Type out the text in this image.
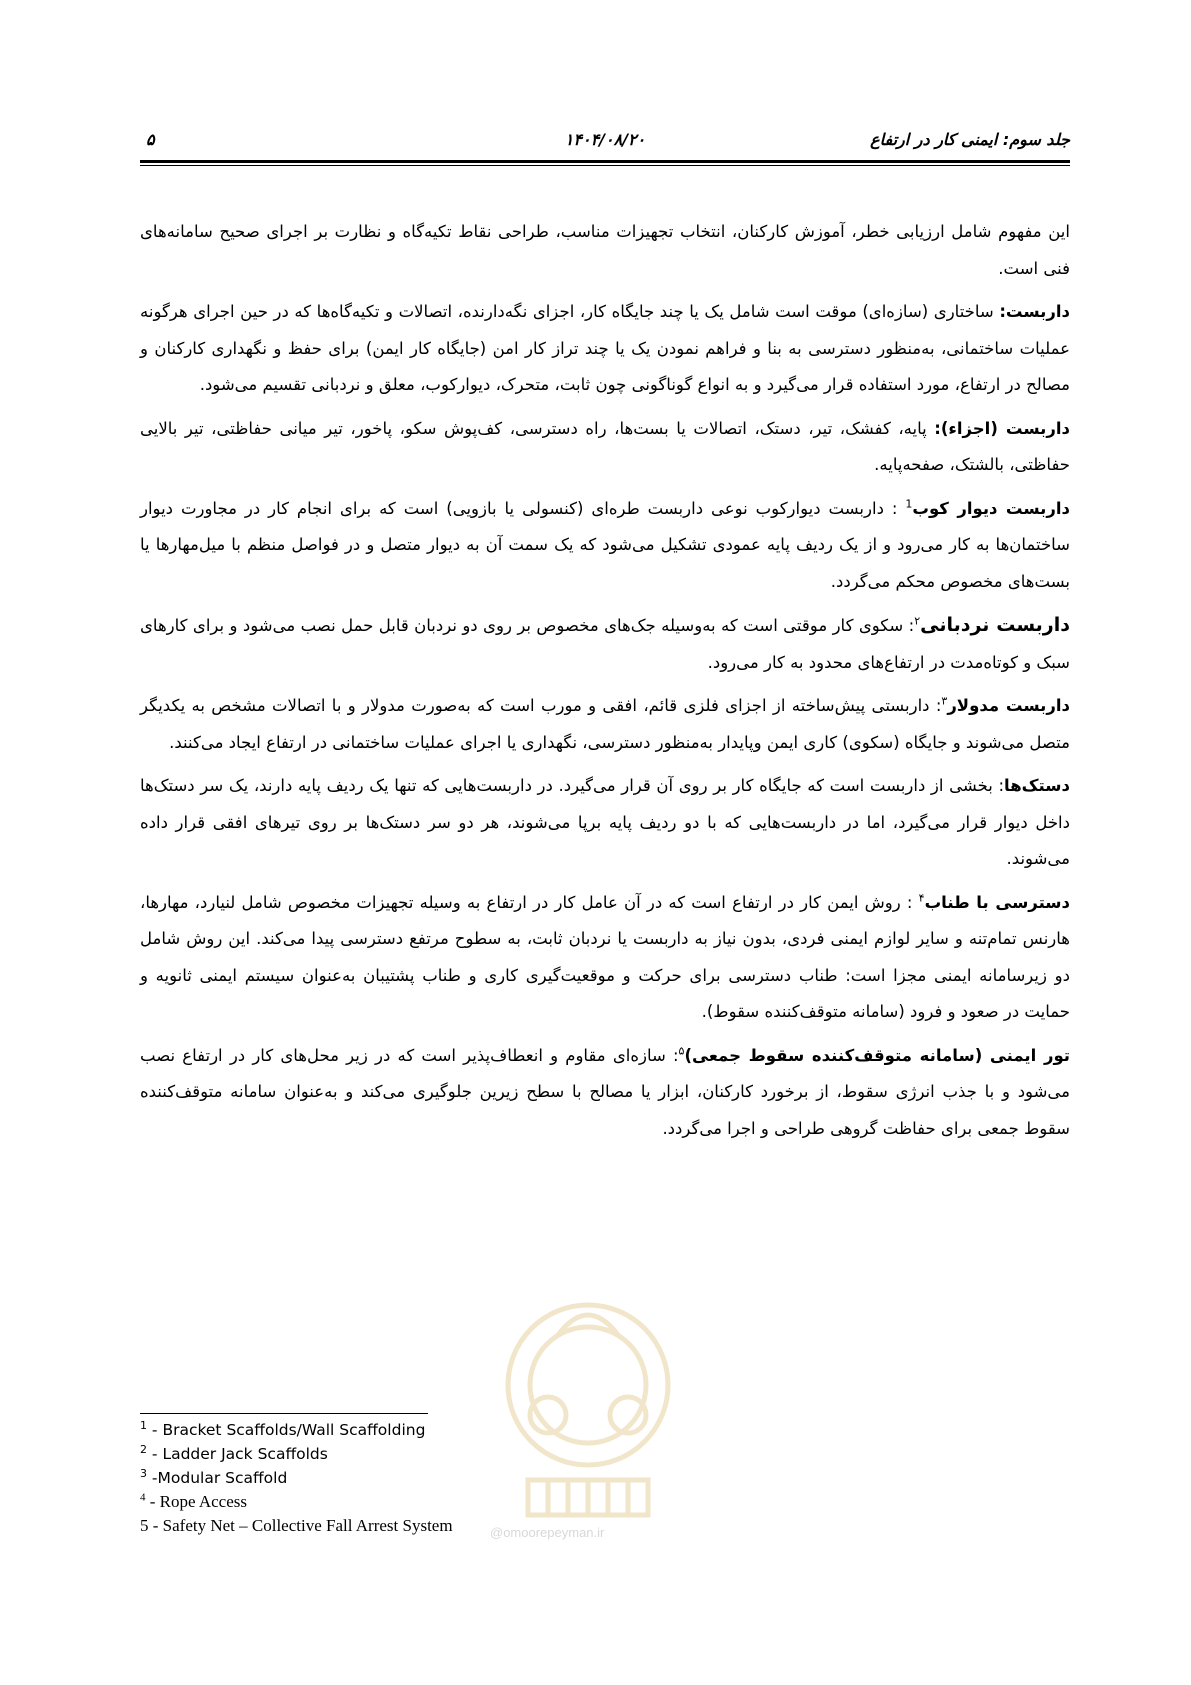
جلد سوم: ایمنی کار در ارتفاع
۱۴۰۴/۰۸/۲۰
۵

این مفهوم شامل ارزیابی خطر، آموزش کارکنان، انتخاب تجهیزات مناسب، طراحی نقاط تکیه‌گاه و نظارت بر اجرای صحیح سامانه‌های فنی است.

داربست: ساختاری (سازه‌ای) موقت است شامل یک یا چند جایگاه کار، اجزای نگه‌دارنده، اتصالات و تکیه‌گاه‌ها که در حین اجرای هرگونه عملیات ساختمانی، به‌منظور دسترسی به بنا و فراهم نمودن یک یا چند تراز کار امن (جایگاه کار ایمن) برای حفظ و نگهداری کارکنان و مصالح در ارتفاع، مورد استفاده قرار می‌گیرد و به انواع گوناگونی چون ثابت، متحرک، دیوارکوب، معلق و نردبانی تقسیم می‌شود.

داربست (اجزاء): پایه، کفشک، تیر، دستک، اتصالات یا بست‌ها، راه دسترسی، کف‌پوش سکو، پاخور، تیر میانی حفاظتی، تیر بالایی حفاظتی، بالشتک، صفحه‌پایه.

داربست دیوار کوب$^1$ : داربست دیوارکوب نوعی داربست طره‌ای (کنسولی یا بازویی) است که برای انجام کار در مجاورت دیوار ساختمان‌ها به کار می‌رود و از یک ردیف پایه عمودی تشکیل می‌شود که یک سمت آن به دیوار متصل و در فواصل منظم با میل‌مهارها یا بست‌های مخصوص محکم می‌گردد.

داربست نردبانی$^۲$: سکوی کار موقتی است که به‌وسیله جک‌های مخصوص بر روی دو نردبان قابل حمل نصب می‌شود و برای کارهای سبک و کوتاه‌مدت در ارتفاع‌های محدود به کار می‌رود.

داربست مدولار$^۳$: داربستی پیش‌ساخته از اجزای فلزی قائم، افقی و مورب است که به‌صورت مدولار و با اتصالات مشخص به یکدیگر متصل می‌شوند و جایگاه (سکوی) کاری ایمن وپایدار به‌منظور دسترسی، نگهداری یا اجرای عملیات ساختمانی در ارتفاع ایجاد می‌کنند.

دستک‌ها: بخشی از داربست است که جایگاه کار بر روی آن قرار می‌گیرد. در داربست‌هایی که تنها یک ردیف پایه دارند، یک سر دستک‌ها داخل دیوار قرار می‌گیرد، اما در داربست‌هایی که با دو ردیف پایه برپا می‌شوند، هر دو سر دستک‌ها بر روی تیرهای افقی قرار داده می‌شوند.

دسترسی با طناب$^۴$ : روش ایمن کار در ارتفاع است که در آن عامل کار در ارتفاع به وسیله تجهیزات مخصوص شامل لنیارد، مهارها، هارنس تمام‌تنه و سایر لوازم ایمنی فردی، بدون نیاز به داربست یا نردبان ثابت، به سطوح مرتفع دسترسی پیدا می‌کند. این روش شامل دو زیرسامانه ایمنی مجزا است: طناب دسترسی برای حرکت و موقعیت‌گیری کاری و طناب پشتیبان به‌عنوان سیستم ایمنی ثانویه و حمایت در صعود و فرود (سامانه متوقف‌کننده سقوط).

تور ایمنی (سامانه متوقف‌کننده سقوط جمعی)$^۵$: سازه‌ای مقاوم و انعطاف‌پذیر است که در زیر محل‌های کار در ارتفاع نصب می‌شود و با جذب انرژی سقوط، از برخورد کارکنان، ابزار یا مصالح با سطح زیرین جلوگیری می‌کند و به‌عنوان سامانه متوقف‌کننده سقوط جمعی برای حفاظت گروهی طراحی و اجرا می‌گردد.

@omoorepeyman.ir
$^1$ - Bracket Scaffolds/Wall Scaffolding
$^2$ - Ladder Jack Scaffolds
$^3$ -Modular Scaffold
$^4$ - Rope Access
5 - Safety Net – Collective Fall Arrest System
